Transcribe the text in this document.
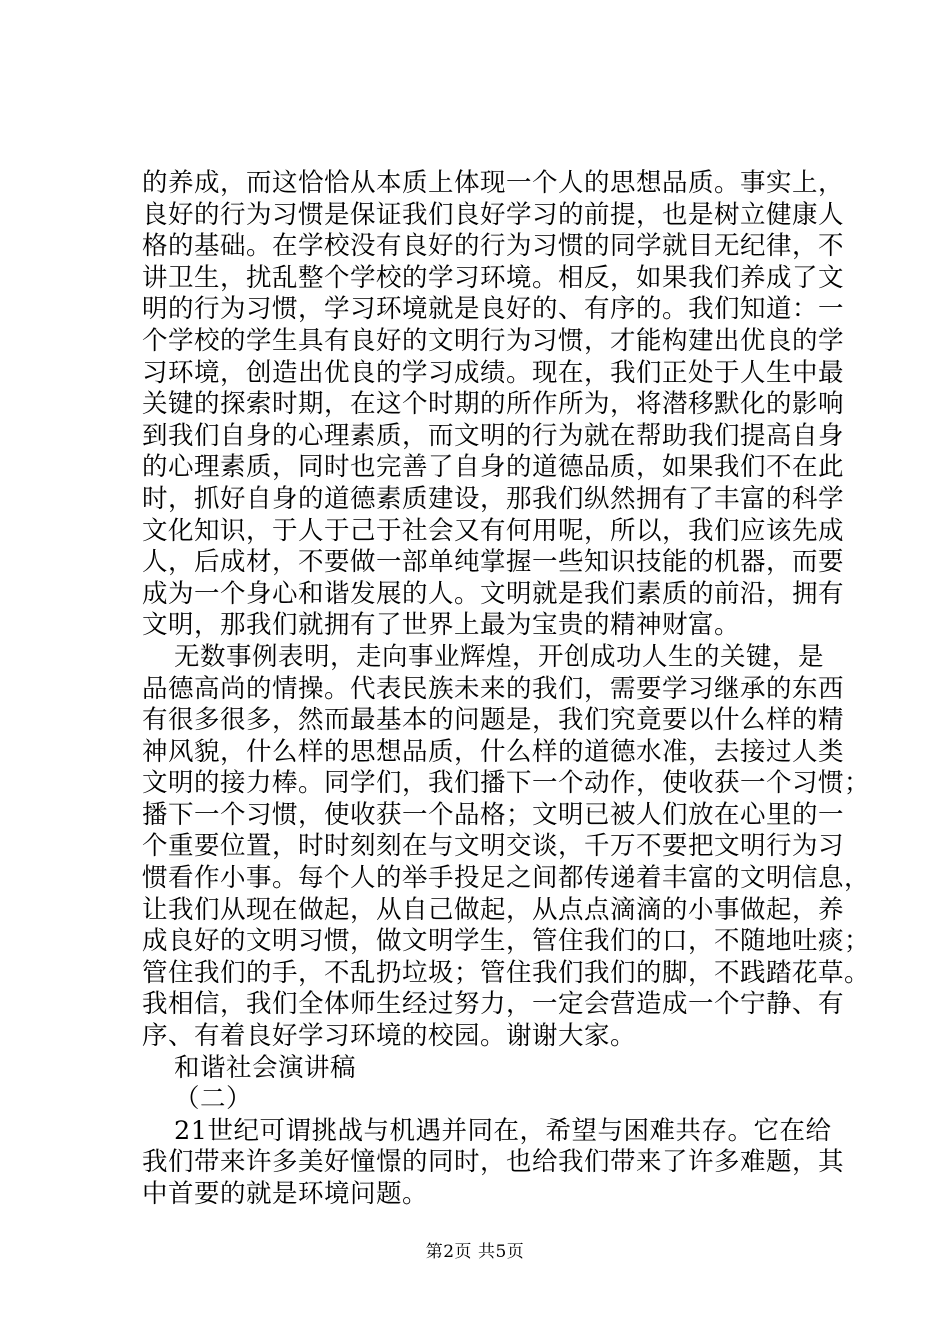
的养成，而这恰恰从本质上体现一个人的思想品质。事实上，
良好的行为习惯是保证我们良好学习的前提，也是树立健康人
格的基础。在学校没有良好的行为习惯的同学就目无纪律，不
讲卫生，扰乱整个学校的学习环境。相反，如果我们养成了文
明的行为习惯，学习环境就是良好的、有序的。我们知道：一
个学校的学生具有良好的文明行为习惯，才能构建出优良的学
习环境，创造出优良的学习成绩。现在，我们正处于人生中最
关键的探索时期，在这个时期的所作所为，将潜移默化的影响
到我们自身的心理素质，而文明的行为就在帮助我们提高自身
的心理素质，同时也完善了自身的道德品质，如果我们不在此
时，抓好自身的道德素质建设，那我们纵然拥有了丰富的科学
文化知识，于人于己于社会又有何用呢，所以，我们应该先成
人，后成材，不要做一部单纯掌握一些知识技能的机器，而要
成为一个身心和谐发展的人。文明就是我们素质的前沿，拥有
文明，那我们就拥有了世界上最为宝贵的精神财富。
无数事例表明，走向事业辉煌，开创成功人生的关键，是
品德高尚的情操。代表民族未来的我们，需要学习继承的东西
有很多很多，然而最基本的问题是，我们究竟要以什么样的精
神风貌，什么样的思想品质，什么样的道德水准，去接过人类
文明的接力棒。同学们，我们播下一个动作，使收获一个习惯；
播下一个习惯，使收获一个品格；文明已被人们放在心里的一
个重要位置，时时刻刻在与文明交谈，千万不要把文明行为习
惯看作小事。每个人的举手投足之间都传递着丰富的文明信息，
让我们从现在做起，从自己做起，从点点滴滴的小事做起，养
成良好的文明习惯，做文明学生，管住我们的口，不随地吐痰；
管住我们的手，不乱扔垃圾；管住我们我们的脚，不践踏花草。
我相信，我们全体师生经过努力，一定会营造成一个宁静、有
序、有着良好学习环境的校园。谢谢大家。
和谐社会演讲稿
（二）
21世纪可谓挑战与机遇并同在，希望与困难共存。它在给
我们带来许多美好憧憬的同时，也给我们带来了许多难题，其
中首要的就是环境问题。
第2页 共5页
